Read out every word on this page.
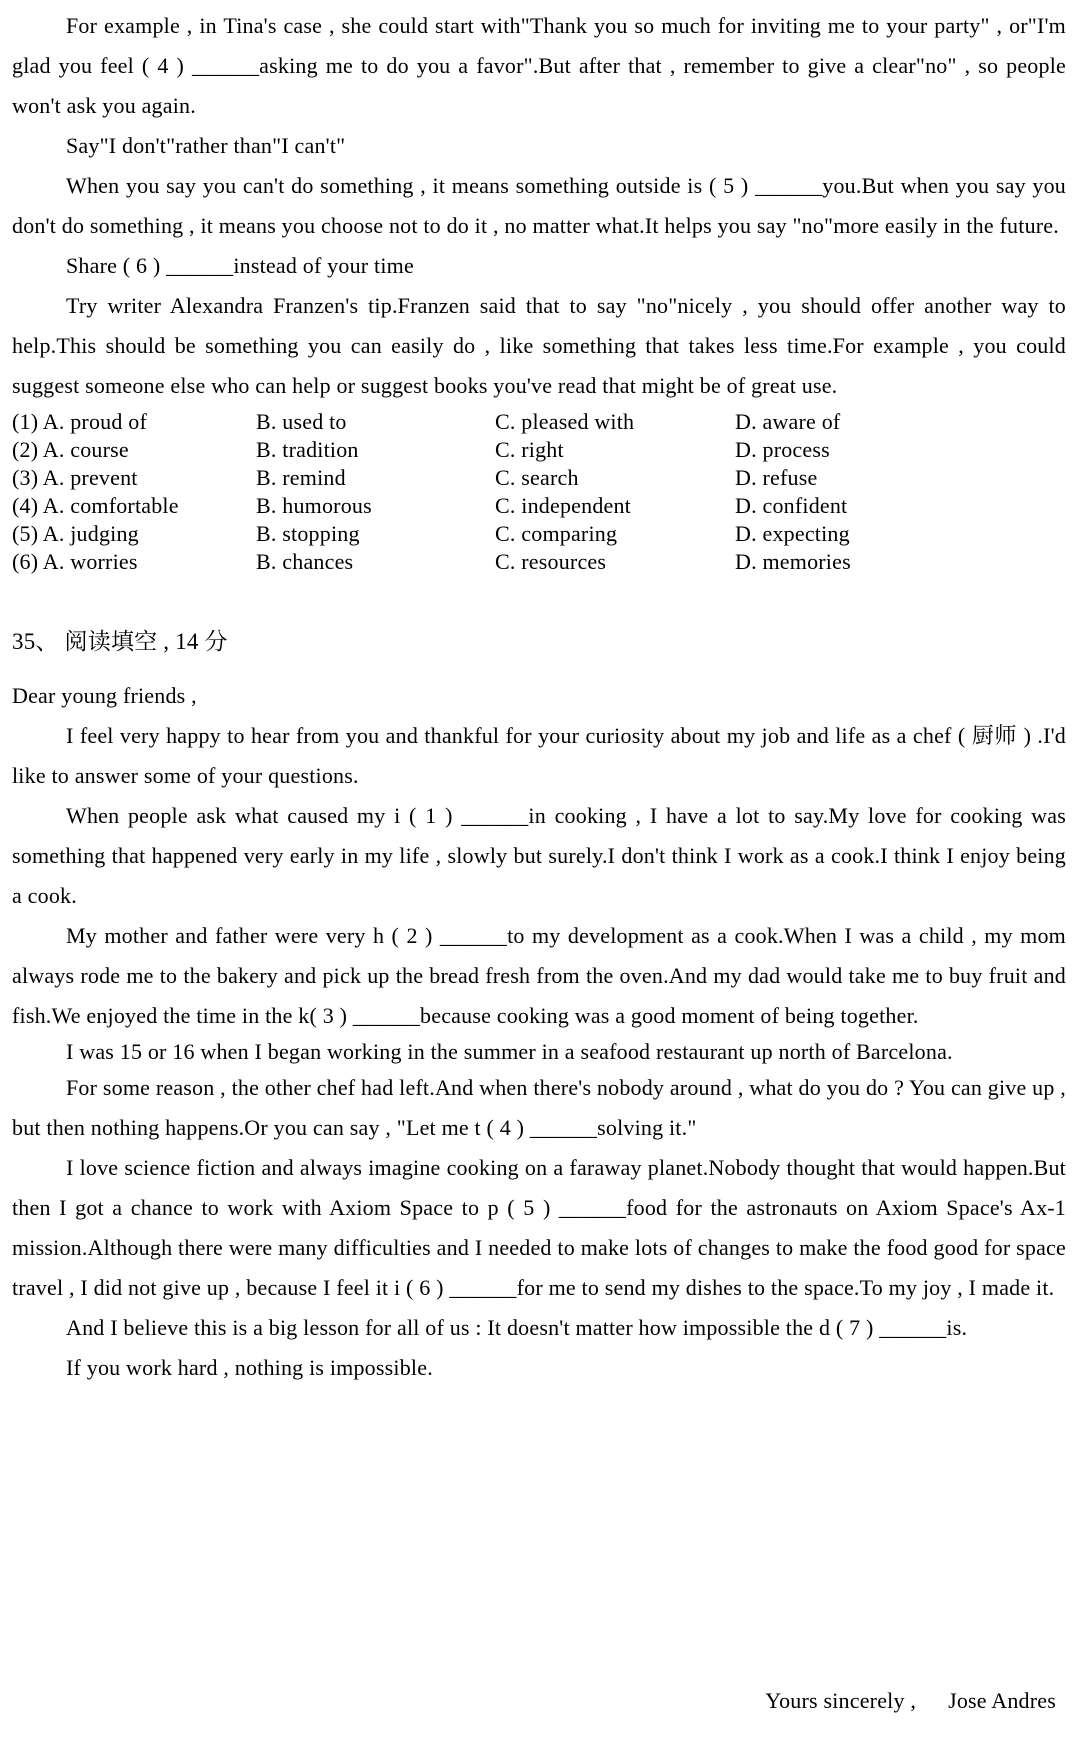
For example , in Tina's case , she could start with"Thank you so much for inviting me to your party" , or"I'm glad you feel ( 4 ) ______asking me to do you a favor".But after that , remember to give a clear"no" , so people won't ask you again.

Say"I don't"rather than"I can't"

When you say you can't do something , it means something outside is ( 5 ) ______you.But when you say you don't do something , it means you choose not to do it , no matter what.It helps you say "no"more easily in the future.

Share ( 6 ) ______instead of your time

Try writer Alexandra Franzen's tip.Franzen said that to say "no"nicely , you should offer another way to help.This should be something you can easily do , like something that takes less time.For example , you could suggest someone else who can help or suggest books you've read that might be of great use.

(1) A. proud of	B. used to	C. pleased with	D. aware of
(2) A. course	B. tradition	C. right	D. process
(3) A. prevent	B. remind	C. search	D. refuse
(4) A. comfortable	B. humorous	C. independent	D. confident
(5) A. judging	B. stopping	C. comparing	D. expecting
(6) A. worries	B. chances	C. resources	D. memories
35、 阅读填空 , 14 分

Dear young friends ,

I feel very happy to hear from you and thankful for your curiosity about my job and life as a chef ( 厨师 ) .I'd like to answer some of your questions.

When people ask what caused my i ( 1 ) ______in cooking , I have a lot to say.My love for cooking was something that happened very early in my life , slowly but surely.I don't think I work as a cook.I think I enjoy being a cook.

My mother and father were very h ( 2 ) ______to my development as a cook.When I was a child , my mom always rode me to the bakery and pick up the bread fresh from the oven.And my dad would take me to buy fruit and fish.We enjoyed the time in the k( 3 ) ______because cooking was a good moment of being together.

I was 15 or 16 when I began working in the summer in a seafood restaurant up north of Barcelona.

For some reason , the other chef had left.And when there's nobody around , what do you do ? You can give up , but then nothing happens.Or you can say , "Let me t ( 4 ) ______solving it."

I love science fiction and always imagine cooking on a faraway planet.Nobody thought that would happen.But then I got a chance to work with Axiom Space to p ( 5 ) ______food for the astronauts on Axiom Space's Ax-1 mission.Although there were many difficulties and I needed to make lots of changes to make the food good for space travel , I did not give up , because I feel it i ( 6 ) ______for me to send my dishes to the space.To my joy , I made it.

And I believe this is a big lesson for all of us : It doesn't matter how impossible the d ( 7 ) ______is.

If you work hard , nothing is impossible.

Yours sincerely , Jose Andres
